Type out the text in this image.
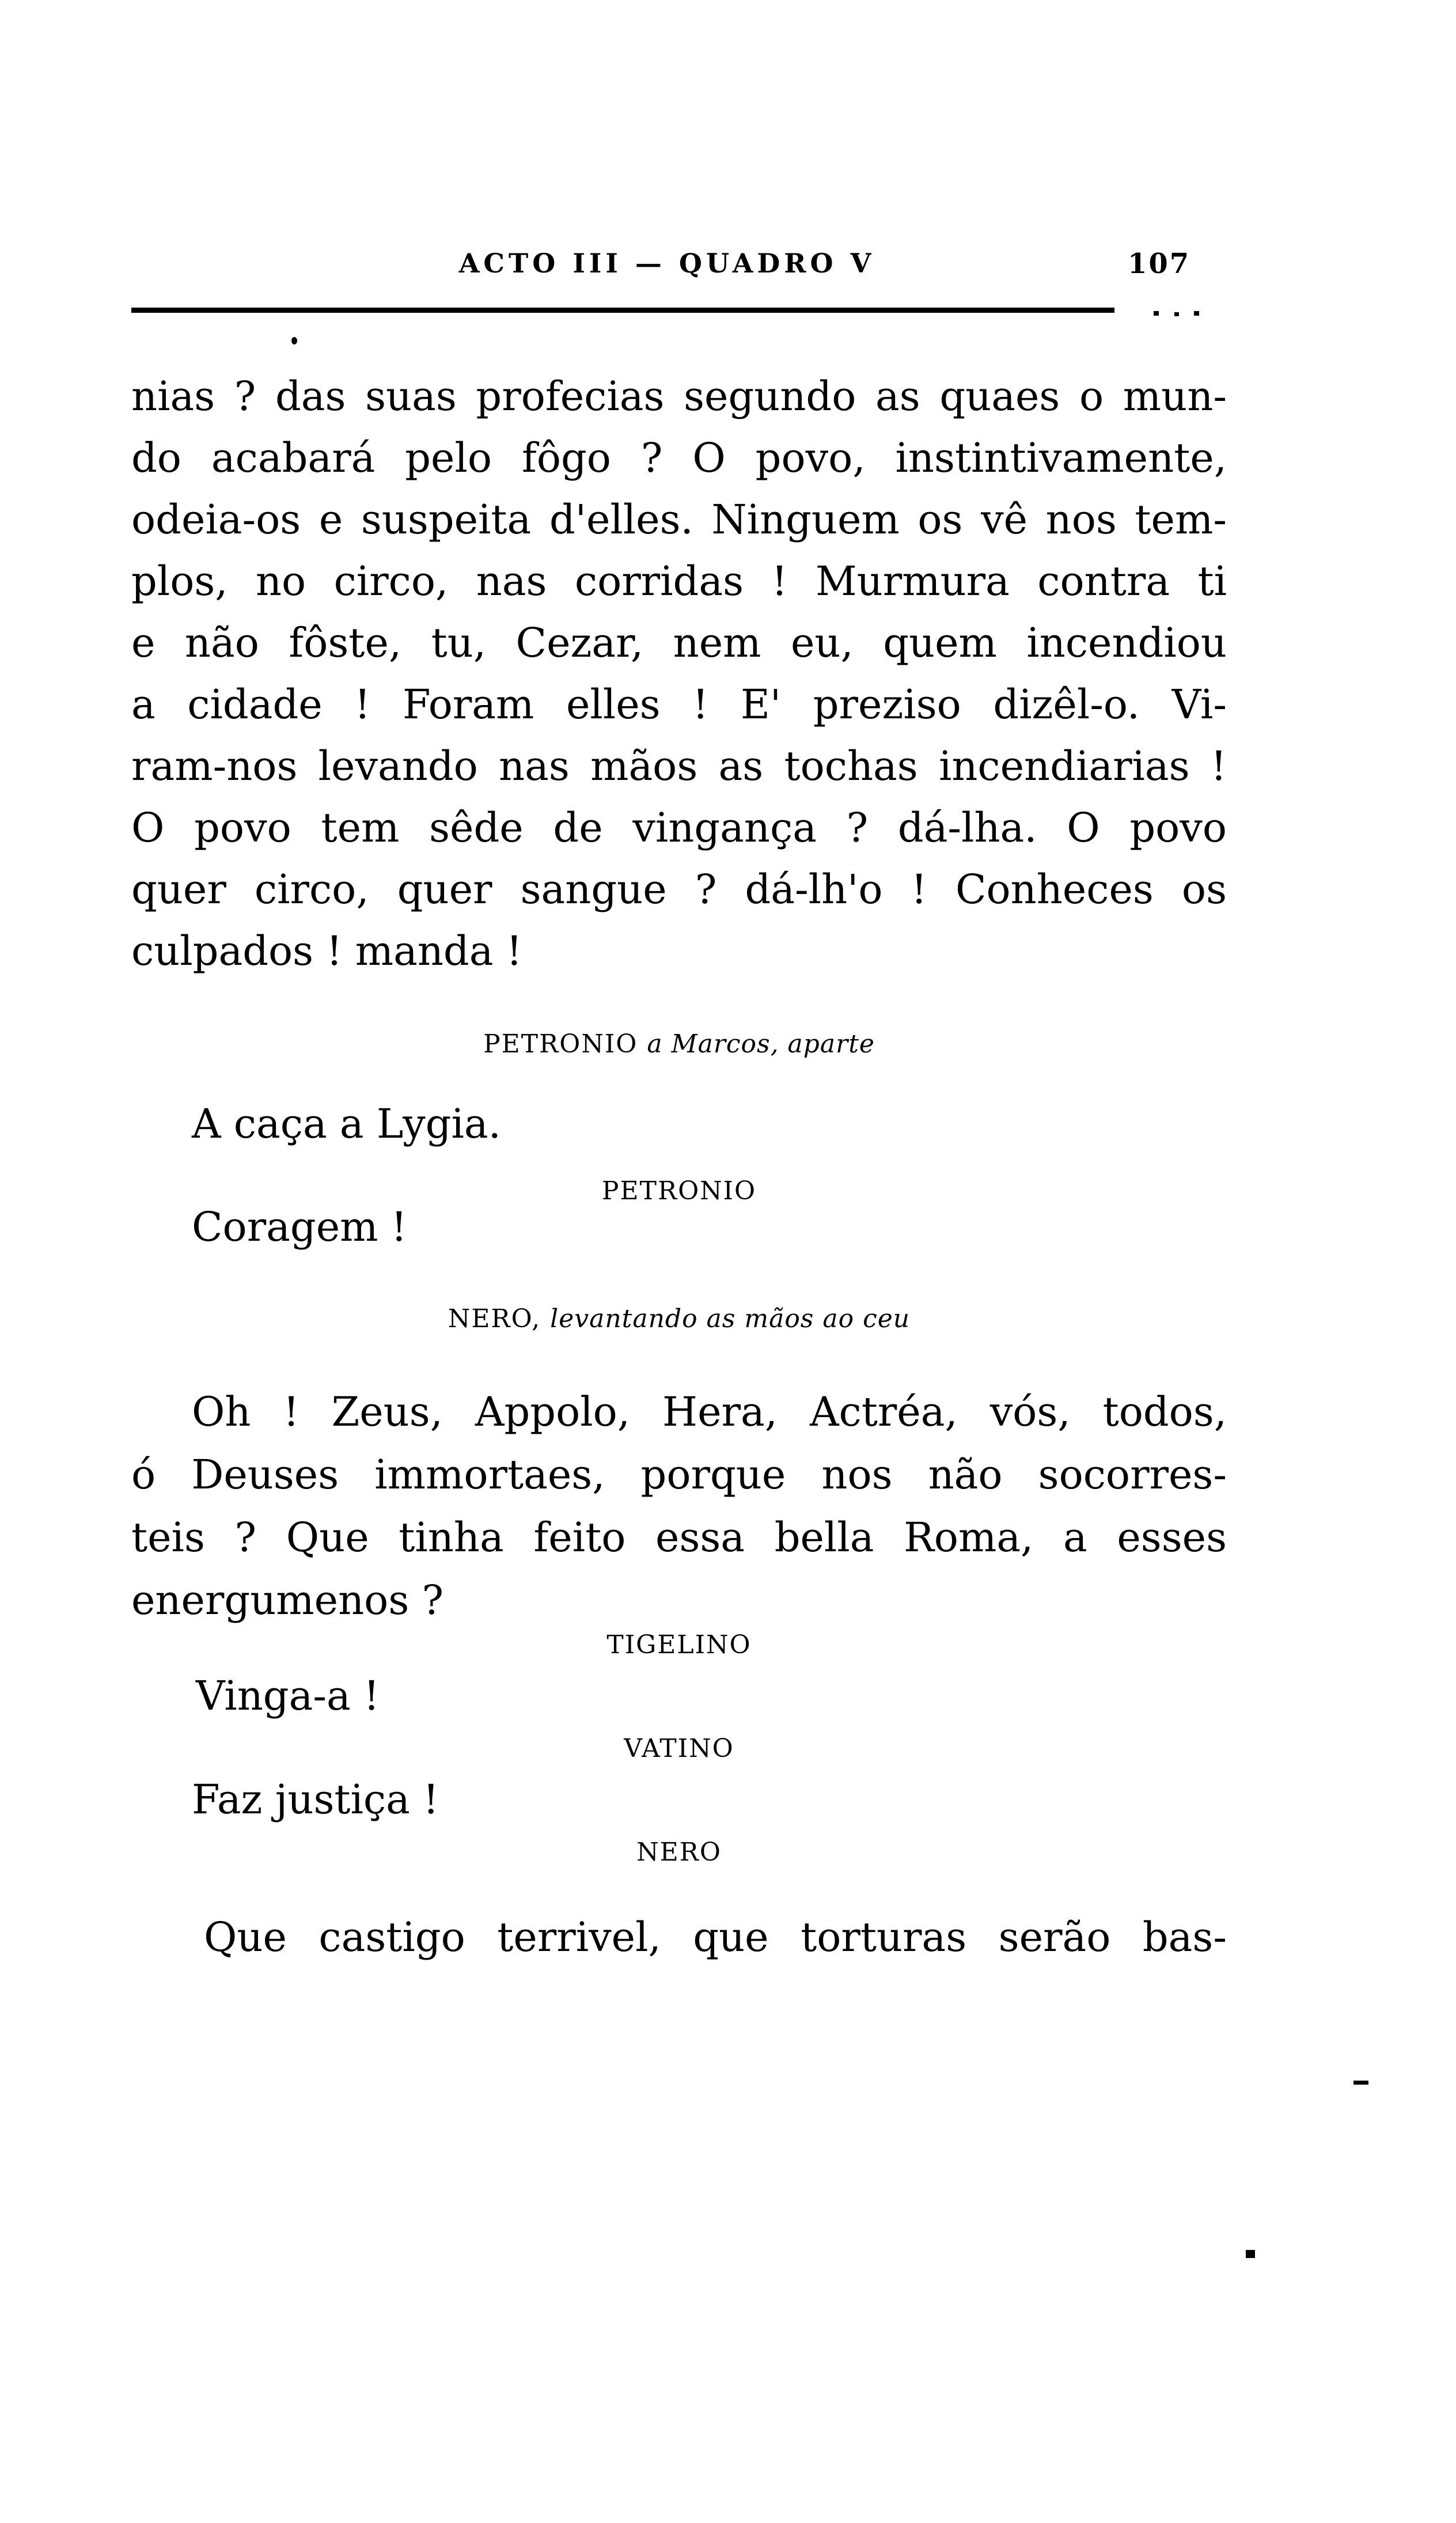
ACTO III — QUADRO V	107
nias ? das suas profecias segundo as quaes o mun-
do acabará pelo fôgo ? O povo, instintivamente,
odeia-os e suspeita d'elles. Ninguem os vê nos tem-
plos, no circo, nas corridas ! Murmura contra ti
e não fôste, tu, Cezar, nem eu, quem incendiou
a cidade ! Foram elles ! E' preziso dizêl-o. Vi-
ram-nos levando nas mãos as tochas incendiarias !
O povo tem sêde de vingança ? dá-lha. O povo
quer circo, quer sangue ? dá-lh'o ! Conheces os
culpados ! manda !
PETRONIO a Marcos, aparte
A caça a Lygia.
PETRONIO
Coragem !
NERO, levantando as mãos ao ceu
Oh ! Zeus, Appolo, Hera, Actréa, vós, todos,
ó Deuses immortaes, porque nos não socorres-
teis ? Que tinha feito essa bella Roma, a esses
energumenos ?
TIGELINO
Vinga-a !
VATINO
Faz justiça !
NERO
Que castigo terrivel, que torturas serão bas-
